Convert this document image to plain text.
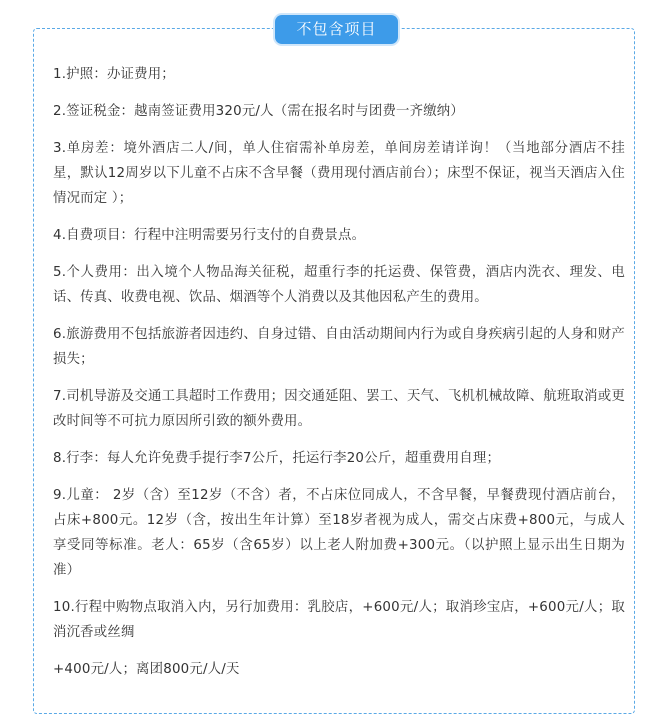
不包含项目

1.护照：办证费用；

2.签证税金：越南签证费用320元/人（需在报名时与团费一齐缴纳）

3.单房差：境外酒店二人/间，单人住宿需补单房差，单间房差请详询！（当地部分酒店不挂星，默认12周岁以下儿童不占床不含早餐（费用现付酒店前台）；床型不保证，视当天酒店入住情况而定 ）；

4.自费项目：行程中注明需要另行支付的自费景点。

5.个人费用：出入境个人物品海关征税，超重行李的托运费、保管费，酒店内洗衣、理发、电话、传真、收费电视、饮品、烟酒等个人消费以及其他因私产生的费用。

6.旅游费用不包括旅游者因违约、自身过错、自由活动期间内行为或自身疾病引起的人身和财产损失；

7.司机导游及交通工具超时工作费用；因交通延阻、罢工、天气、飞机机械故障、航班取消或更改时间等不可抗力原因所引致的额外费用。

8.行李：每人允许免费手提行李7公斤，托运行李20公斤，超重费用自理；

9.儿童： 2岁（含）至12岁（不含）者，不占床位同成人，不含早餐，早餐费现付酒店前台，占床+800元。12岁（含，按出生年计算）至18岁者视为成人，需交占床费+800元，与成人享受同等标准。老人：65岁（含65岁）以上老人附加费+300元。（以护照上显示出生日期为准）

10.行程中购物点取消入内，另行加费用：乳胶店，+600元/人；取消珍宝店，+600元/人；取消沉香或丝绸

+400元/人；离团800元/人/天
